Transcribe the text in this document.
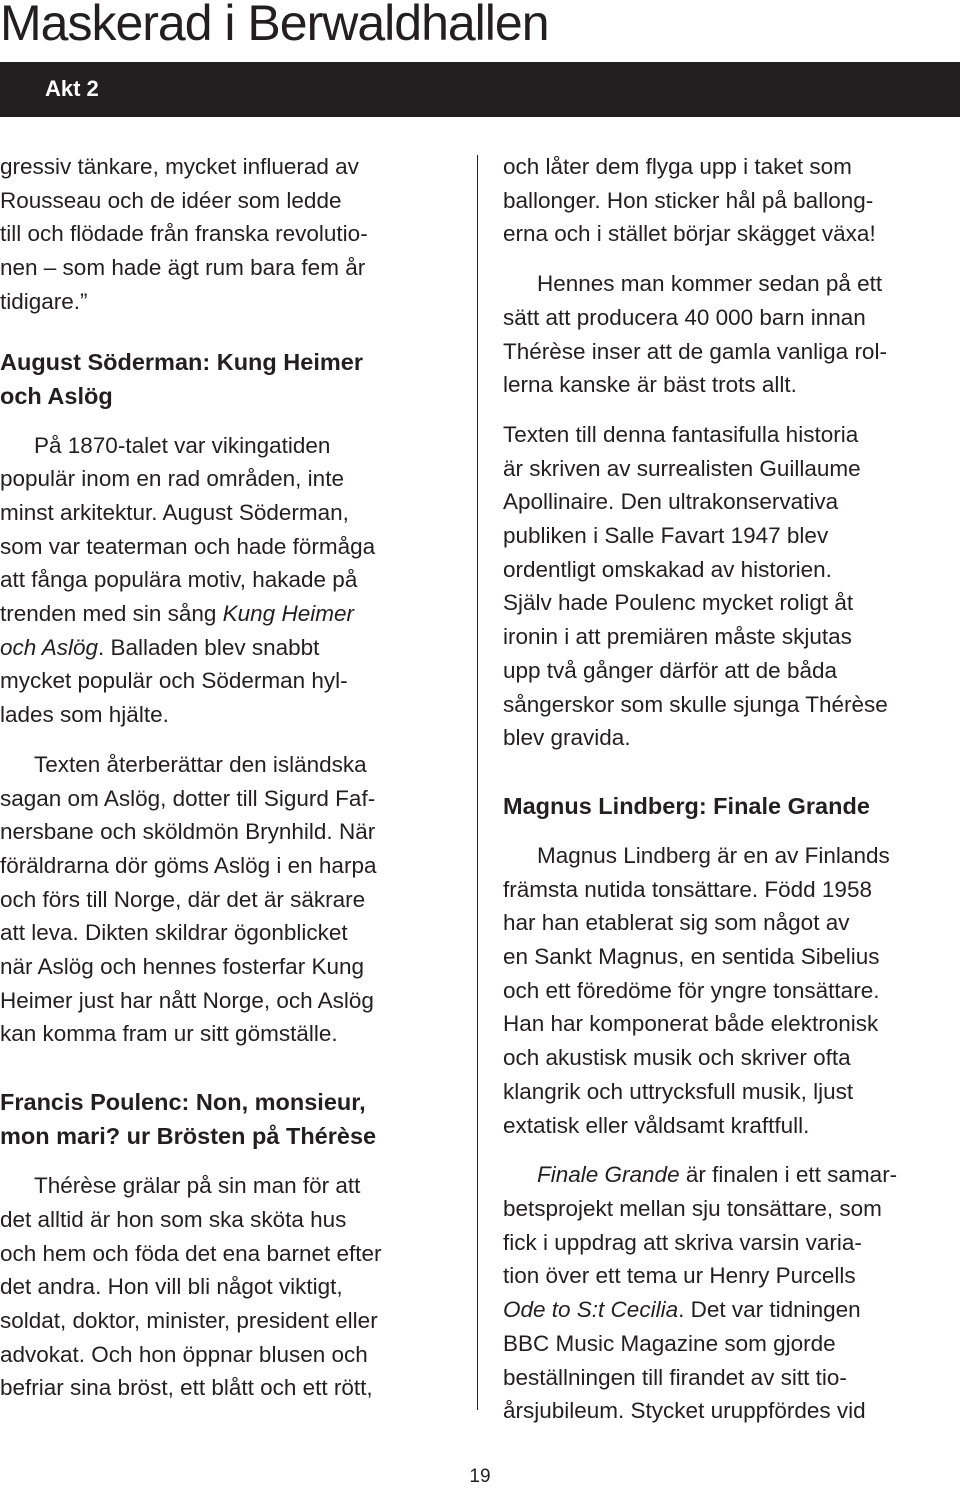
Maskerad i Berwaldhallen
Akt 2

gressiv tänkare, mycket influerad av
Rousseau och de idéer som ledde
till och flödade från franska revolutio-
nen – som hade ägt rum bara fem år
tidigare.”

August Söderman: Kung Heimer
och Aslög

På 1870-talet var vikingatiden
populär inom en rad områden, inte
minst arkitektur. August Söderman,
som var teaterman och hade förmåga
att fånga populära motiv, hakade på
trenden med sin sång Kung Heimer
och Aslög. Balladen blev snabbt
mycket populär och Söderman hyl-
lades som hjälte.

Texten återberättar den isländska
sagan om Aslög, dotter till Sigurd Faf-
nersbane och sköldmön Brynhild. När
föräldrarna dör göms Aslög i en harpa
och förs till Norge, där det är säkrare
att leva. Dikten skildrar ögonblicket
när Aslög och hennes fosterfar Kung
Heimer just har nått Norge, och Aslög
kan komma fram ur sitt gömställe.

Francis Poulenc: Non, monsieur,
mon mari? ur Brösten på Thérèse

Thérèse grälar på sin man för att
det alltid är hon som ska sköta hus
och hem och föda det ena barnet efter
det andra. Hon vill bli något viktigt,
soldat, doktor, minister, president eller
advokat. Och hon öppnar blusen och
befriar sina bröst, ett blått och ett rött,

och låter dem flyga upp i taket som
ballonger. Hon sticker hål på ballong-
erna och i stället börjar skägget växa!

Hennes man kommer sedan på ett
sätt att producera 40 000 barn innan
Thérèse inser att de gamla vanliga rol-
lerna kanske är bäst trots allt.

Texten till denna fantasifulla historia
är skriven av surrealisten Guillaume
Apollinaire. Den ultrakonservativa
publiken i Salle Favart 1947 blev
ordentligt omskakad av historien.
Själv hade Poulenc mycket roligt åt
ironin i att premiären måste skjutas
upp två gånger därför att de båda
sångerskor som skulle sjunga Thérèse
blev gravida.

Magnus Lindberg: Finale Grande

Magnus Lindberg är en av Finlands
främsta nutida tonsättare. Född 1958
har han etablerat sig som något av
en Sankt Magnus, en sentida Sibelius
och ett föredöme för yngre tonsättare.
Han har komponerat både elektronisk
och akustisk musik och skriver ofta
klangrik och uttrycksfull musik, ljust
extatisk eller våldsamt kraftfull.

Finale Grande är finalen i ett samar-
betsprojekt mellan sju tonsättare, som
fick i uppdrag att skriva varsin varia-
tion över ett tema ur Henry Purcells
Ode to S:t Cecilia. Det var tidningen
BBC Music Magazine som gjorde
beställningen till firandet av sitt tio-
årsjubileum. Stycket uruppfördes vid

19
